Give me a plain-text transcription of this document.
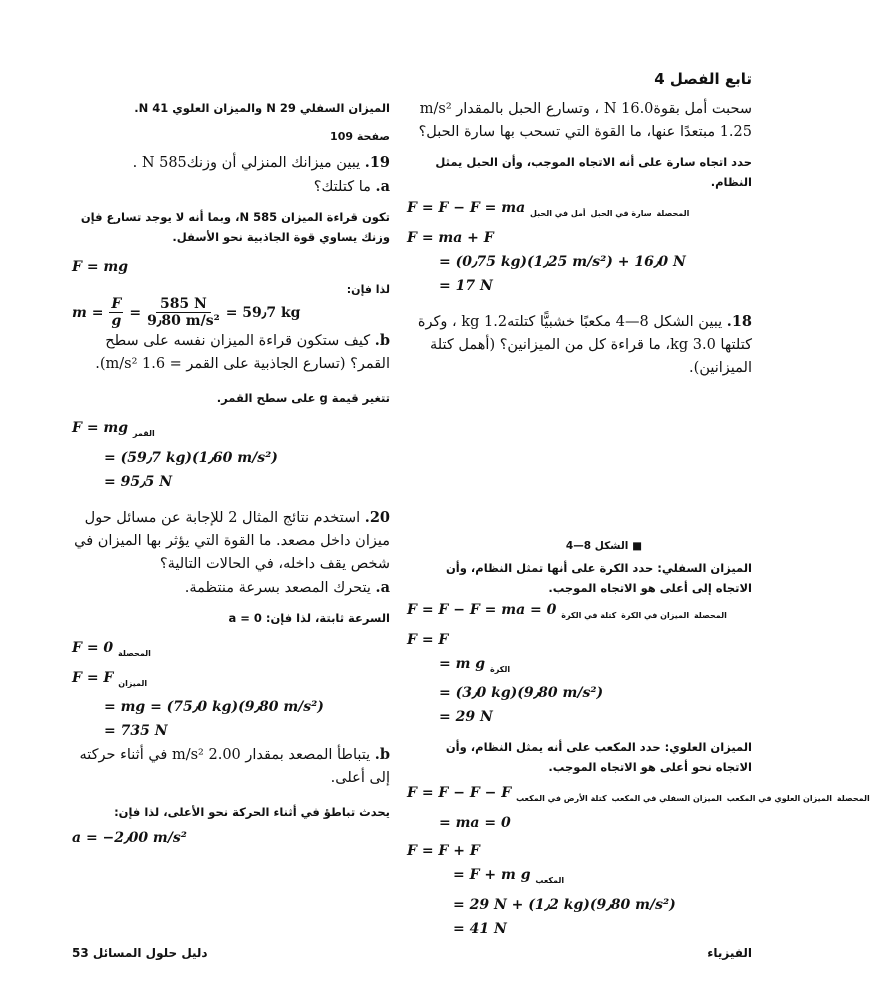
تابع الفصل 4

سحبت أمل بقوةN 16.0 ، وتسارع الحبل بالمقدار m/s² 1.25 مبتعدًا عنها، ما القوة التي تسحب بها سارة الحبل؟

حدد اتجاه سارة على أنه الاتجاه الموجب، وأن الحبل يمثل النظام.

F = F − F = ma	$_{المحصلة}$ $_{سارة في الحبل}$ $_{أمل في الحبل}$
F = ma + F
= (0٫75 kg)(1٫25 m/s²) + 16٫0 N
= 17 N

18. يبين الشكل 8—4 مكعبًا خشبيًّا كتلته1.2 kg ، وكرة كتلتها 3.0 kg، ما قراءة كل من الميزانين؟ (أهمل كتلة الميزانين).

■ الشكل 8—4

الميزان السفلي: حدد الكرة على أنها تمثل النظام، وأن الاتجاه إلى أعلى هو الاتجاه الموجب.

F = F − F = ma = 0	$_{المحصلة}$ $_{الميزان في الكرة}$ $_{كتلة في الكرة}$
F = F
= m g $_{الكرة}$
= (3٫0 kg)(9٫80 m/s²)
= 29 N

الميزان العلوي: حدد المكعب على أنه يمثل النظام، وأن الاتجاه نحو أعلى هو الاتجاه الموجب.

F = F − F − F	$_{المحصلة}$ $_{الميزان العلوي في المكعب}$ $_{الميزان السفلي في المكعب}$ $_{كتلة الأرض في المكعب}$
= ma = 0
F = F + F
= F + m g $_{المكعب}$
= 29 N + (1٫2 kg)(9٫80 m/s²)
= 41 N

الميزان السفلي N 29 والميزان العلوي N 41.

صفحة 109

19. يبين ميزانك المنزلي أن وزنكN 585 .

a. ما كتلتك؟

تكون قراءة الميزان N 585، وبما أنه لا يوجد تسارع فإن وزنك يساوي قوة الجاذبية نحو الأسفل.

F = mg

لذا فإن:

$m = \frac{F}{g} = \frac{585 N}{\text{9٫80 m/s²}}$ = 59٫7 kg

b. كيف ستكون قراءة الميزان نفسه على سطح القمر؟ (تسارع الجاذبية على القمر = 1.6 m/s²).

تتغير قيمة g على سطح القمر.

F = mg $_{القمر}$
= (59٫7 kg)(1٫60 m/s²)
= 95٫5 N

20. استخدم نتائج المثال 2 للإجابة عن مسائل حول ميزان داخل مصعد. ما القوة التي يؤثر بها الميزان في شخص يقف داخله، في الحالات التالية؟

a. يتحرك المصعد بسرعة منتظمة.

السرعة ثابتة، لذا فإن: a = 0

F = 0 $_{المحصلة}$
F = F $_{الميزان}$
= mg = (75٫0 kg)(9٫80 m/s²)
= 735 N

b. يتباطأ المصعد بمقدار 2.00 m/s² في أثناء حركته إلى أعلى.

يحدث تباطؤ في أثناء الحركة نحو الأعلى، لذا فإن:

a = −2٫00 m/s²
الفيزياء
دليل حلول المسائل 53
